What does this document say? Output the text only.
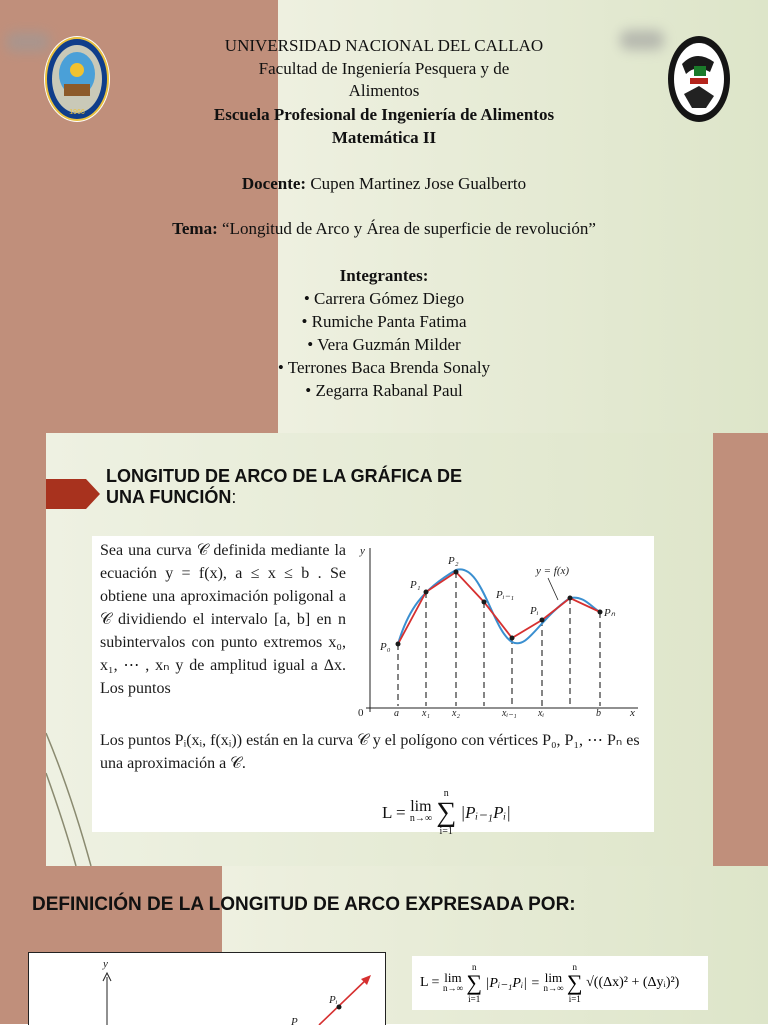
1966
UNIVERSIDAD NACIONAL DEL CALLAO
Facultad de Ingeniería Pesquera y de
Alimentos
Escuela Profesional de Ingeniería de Alimentos
Matemática II
Docente: Cupen Martinez Jose Gualberto
Tema: “Longitud de Arco y Área de superficie de revolución”
Integrantes:
• Carrera Gómez Diego
• Rumiche Panta Fatima
• Vera Guzmán Milder
• Terrones Baca Brenda Sonaly
• Zegarra Rabanal Paul
LONGITUD DE ARCO DE LA GRÁFICA DE
UNA FUNCIÓN:
Sea una curva 𝒞 definida mediante la ecuación y = f(x), a ≤ x ≤ b . Se obtiene una aproximación poligonal a 𝒞 dividiendo el intervalo [a, b] en n subintervalos con punto extremos x₀, x₁, ⋯ , xₙ y de amplitud igual a Δx. Los puntos
y
x
0
P₀
P₁
P₂
Pᵢ₋₁
Pᵢ	Pₙ
y = f(x)
a x₁ x₂	xᵢ₋₁ xᵢ	b
Los puntos Pᵢ(xᵢ, f(xᵢ)) están en la curva 𝒞 y el polígono con vértices P₀, P₁, ⋯ Pₙ es una aproximación a 𝒞.
L = lim
n→∞

n
∑
i=1
|Pᵢ₋₁Pᵢ|
DEFINICIÓN DE LA LONGITUD DE ARCO EXPRESADA POR:
y
Pᵢ
P
L = lim
n→∞

n
∑
i=1
|Pᵢ₋₁Pᵢ| = lim
n→∞

n
∑
i=1
√((Δx)² + (Δyᵢ)²)
